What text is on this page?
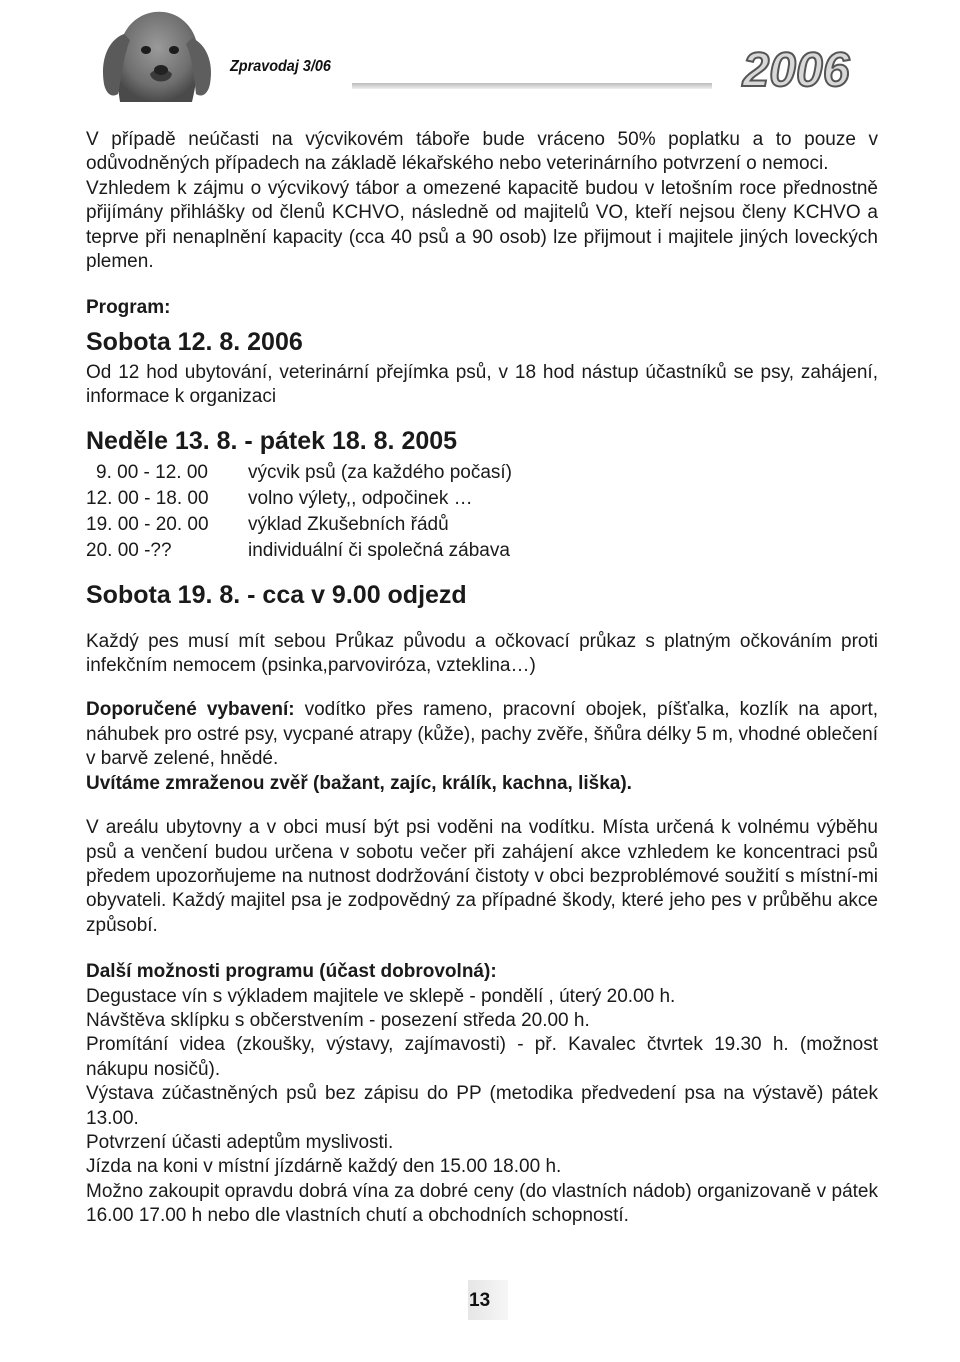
Zpravodaj 3/06	2006

V případě neúčasti na výcvikovém táboře bude vráceno 50% poplatku a to pouze v odůvodněných případech na základě lékařského nebo veterinárního potvrzení o nemoci.

Vzhledem k zájmu o výcvikový tábor a omezené kapacitě budou v letošním roce přednostně přijímány přihlášky od členů KCHVO, následně od majitelů VO, kteří nejsou členy KCHVO a teprve při nenaplnění kapacity (cca 40 psů a 90 osob) lze přijmout i majitele jiných loveckých plemen.

Program:
Sobota 12. 8. 2006

Od 12 hod ubytování, veterinární přejímka psů, v 18 hod nástup účastníků se psy, zahájení, informace k organizaci

Neděle 13. 8. - pátek 18. 8. 2005
9. 00 - 12. 00	výcvik psů (za každého počasí)
12. 00 - 18. 00	volno výlety,, odpočinek …
19. 00 - 20. 00	výklad Zkušebních řádů
20. 00 -??	individuální či společná zábava
Sobota 19. 8. - cca v 9.00 odjezd

Každý pes musí mít sebou Průkaz původu a očkovací průkaz s platným očkováním proti infekčním nemocem (psinka,parvoviróza, vzteklina…)

Doporučené vybavení: vodítko přes rameno, pracovní obojek, píšťalka, kozlík na aport, náhubek pro ostré psy, vycpané atrapy (kůže), pachy zvěře, šňůra délky 5 m, vhodné oblečení v barvě zelené, hnědé.

Uvítáme zmraženou zvěř (bažant, zajíc, králík, kachna, liška).

V areálu ubytovny a v obci musí být psi voděni na vodítku. Místa určená k volnému výběhu psů a venčení budou určena v sobotu večer při zahájení akce vzhledem ke koncentraci psů předem upozorňujeme na nutnost dodržování čistoty v obci bezproblémové soužití s místní-mi obyvateli. Každý majitel psa je zodpovědný za případné škody, které jeho pes v průběhu akce způsobí.

Další možnosti programu (účast dobrovolná):

Degustace vín s výkladem majitele ve sklepě - pondělí , úterý 20.00 h.

Návštěva sklípku s občerstvením - posezení středa 20.00 h.

Promítání videa (zkoušky, výstavy, zajímavosti) - př. Kavalec čtvrtek 19.30 h. (možnost nákupu nosičů).

Výstava zúčastněných psů bez zápisu do PP (metodika předvedení psa na výstavě) pátek 13.00.

Potvrzení účasti adeptům myslivosti.

Jízda na koni v místní jízdárně každý den 15.00 18.00 h.

Možno zakoupit opravdu dobrá vína za dobré ceny (do vlastních nádob) organizovaně v pátek 16.00 17.00 h nebo dle vlastních chutí a obchodních schopností.

13
